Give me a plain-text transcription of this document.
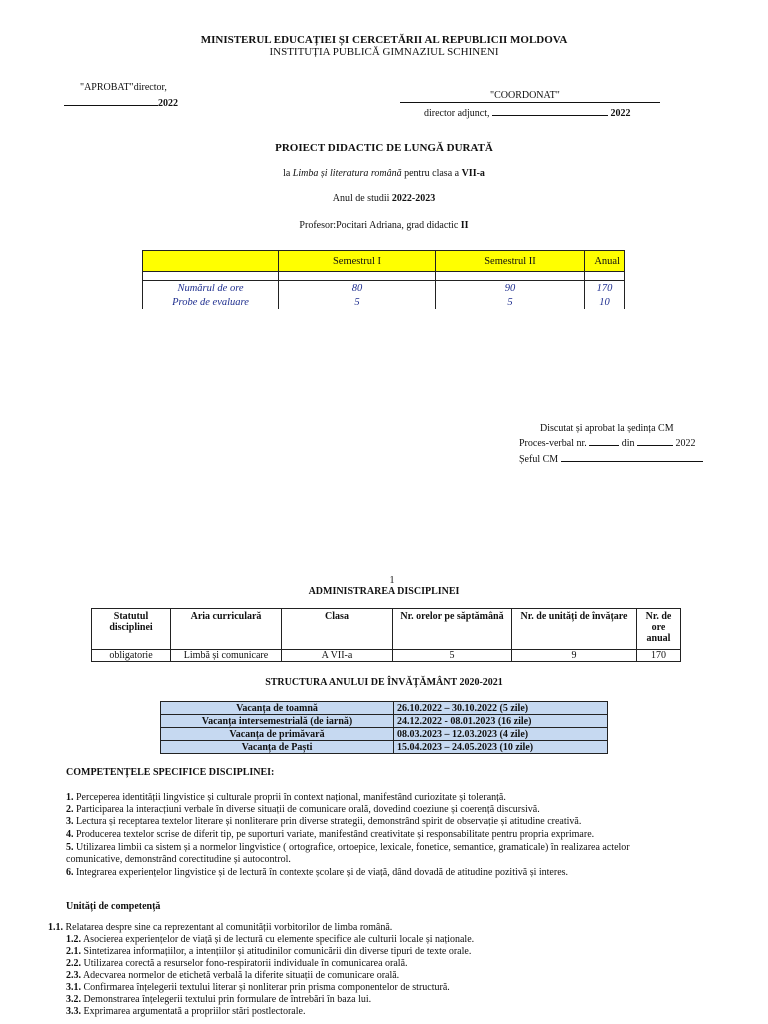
MINISTERUL EDUCAȚIEI ȘI CERCETĂRII AL REPUBLICII MOLDOVA
INSTITUȚIA PUBLICĂ GIMNAZIUL SCHINENI
"APROBAT"director,
2022
"COORDONAT"
director adjunct,	2022
PROIECT DIDACTIC DE LUNGĂ DURATĂ
la Limba și literatura română pentru clasa a VII-a
Anul de studii 2022-2023
Profesor:Pocitari Adriana, grad didactic II
	Semestrul I	Semestrul II	Anual

Numărul de ore	80	90	170
Probe de evaluare	5	5	10
Discutat și aprobat la ședința CM
Proces-verbal nr.	din	2022
Șeful CM
1
ADMINISTRAREA DISCIPLINEI
Statutul disciplinei	Aria curriculară	Clasa	Nr. orelor pe săptămână	Nr. de unități de învățare	Nr. de ore anual
obligatorie	Limbă și comunicare	A VII-a	5	9	170
STRUCTURA ANULUI DE ÎNVĂȚĂMÂNT 2020-2021
Vacanța de toamnă	26.10.2022 – 30.10.2022 (5 zile)
Vacanța intersemestrială (de iarnă)	24.12.2022 - 08.01.2023 (16 zile)
Vacanța de primăvară	08.03.2023 – 12.03.2023 (4 zile)
Vacanța de Paști	15.04.2023 – 24.05.2023 (10 zile)
COMPETENȚELE SPECIFICE DISCIPLINEI:
1. Perceperea identității lingvistice și culturale proprii în context național, manifestând curiozitate și toleranță.
2. Participarea la interacțiuni verbale în diverse situații de comunicare orală, dovedind coeziune și coerență discursivă.
3. Lectura și receptarea textelor literare și nonliterare prin diverse strategii, demonstrând spirit de observație și atitudine creativă.
4. Producerea textelor scrise de diferit tip, pe suporturi variate, manifestând creativitate și responsabilitate pentru propria exprimare.
5. Utilizarea limbii ca sistem și a normelor lingvistice ( ortografice, ortoepice, lexicale, fonetice, semantice, gramaticale) în realizarea actelor comunicative, demonstrând corectitudine și autocontrol.
6. Integrarea experiențelor lingvistice și de lectură în contexte școlare și de viață, dând dovadă de atitudine pozitivă și interes.
Unități de competență
1.1. Relatarea despre sine ca reprezentant al comunității vorbitorilor de limba română.
1.2. Asocierea experiențelor de viață și de lectură cu elemente specifice ale culturii locale și naționale.
2.1. Sintetizarea informațiilor, a intențiilor și atitudinilor comunicării din diverse tipuri de texte orale.
2.2. Utilizarea corectă a resurselor fono-respiratorii individuale în comunicarea orală.
2.3. Adecvarea normelor de etichetă verbală la diferite situații de comunicare orală.
3.1. Confirmarea înțelegerii textului literar și nonliterar prin prisma componentelor de structură.
3.2. Demonstrarea înțelegerii textului prin formulare de întrebări în baza lui.
3.3. Exprimarea argumentată a propriilor stări postlectorale.
